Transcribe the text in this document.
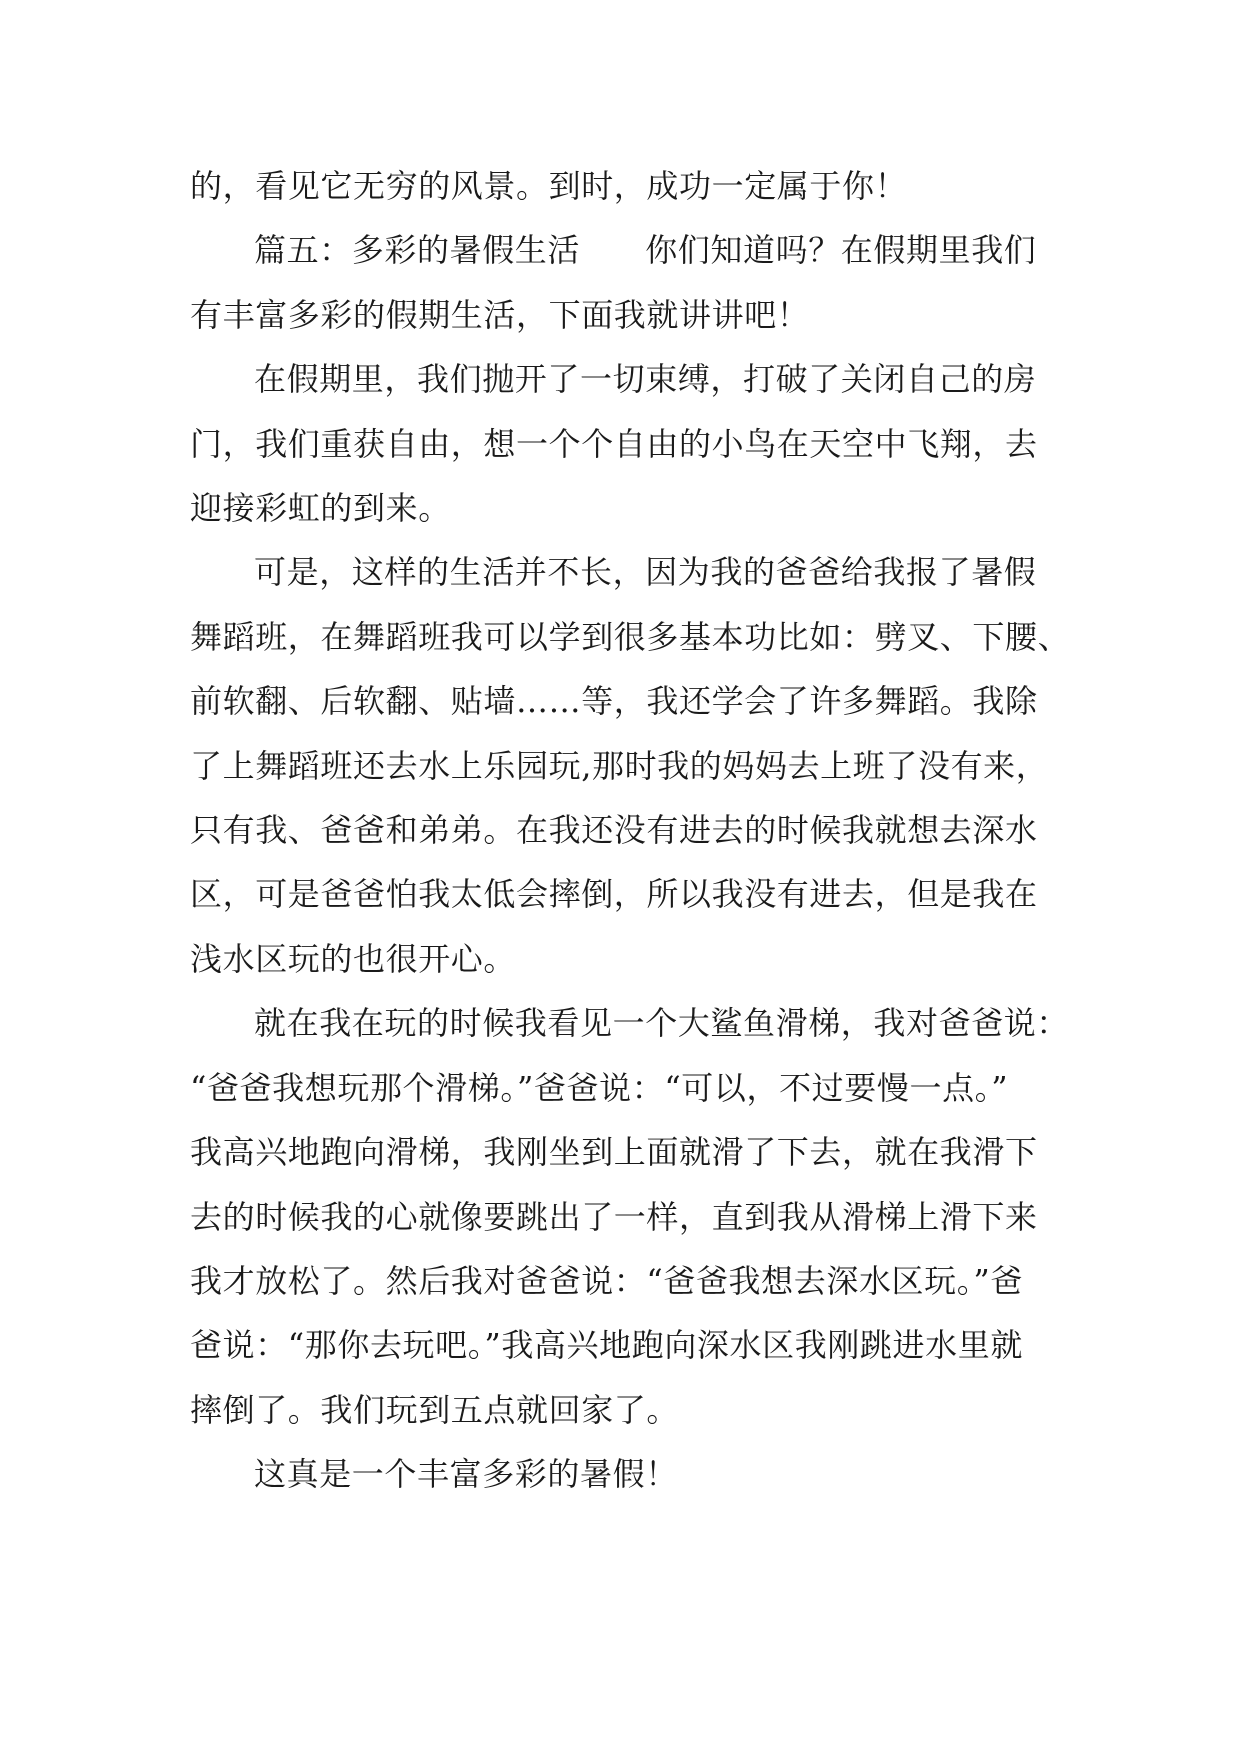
的，看见它无穷的风景。到时，成功一定属于你！
篇五：多彩的暑假生活　　你们知道吗？在假期里我们
有丰富多彩的假期生活，下面我就讲讲吧！
在假期里，我们抛开了一切束缚，打破了关闭自己的房
门，我们重获自由，想一个个自由的小鸟在天空中飞翔，去
迎接彩虹的到来。
可是，这样的生活并不长，因为我的爸爸给我报了暑假
舞蹈班，在舞蹈班我可以学到很多基本功比如：劈叉、下腰、
前软翻、后软翻、贴墙……等，我还学会了许多舞蹈。我除
了上舞蹈班还去水上乐园玩,那时我的妈妈去上班了没有来，
只有我、爸爸和弟弟。在我还没有进去的时候我就想去深水
区，可是爸爸怕我太低会摔倒，所以我没有进去，但是我在
浅水区玩的也很开心。
就在我在玩的时候我看见一个大鲨鱼滑梯，我对爸爸说：
“爸爸我想玩那个滑梯。”爸爸说：“可以，不过要慢一点。”
我高兴地跑向滑梯，我刚坐到上面就滑了下去，就在我滑下
去的时候我的心就像要跳出了一样，直到我从滑梯上滑下来
我才放松了。然后我对爸爸说：“爸爸我想去深水区玩。”爸
爸说：“那你去玩吧。”我高兴地跑向深水区我刚跳进水里就
摔倒了。我们玩到五点就回家了。
这真是一个丰富多彩的暑假！
